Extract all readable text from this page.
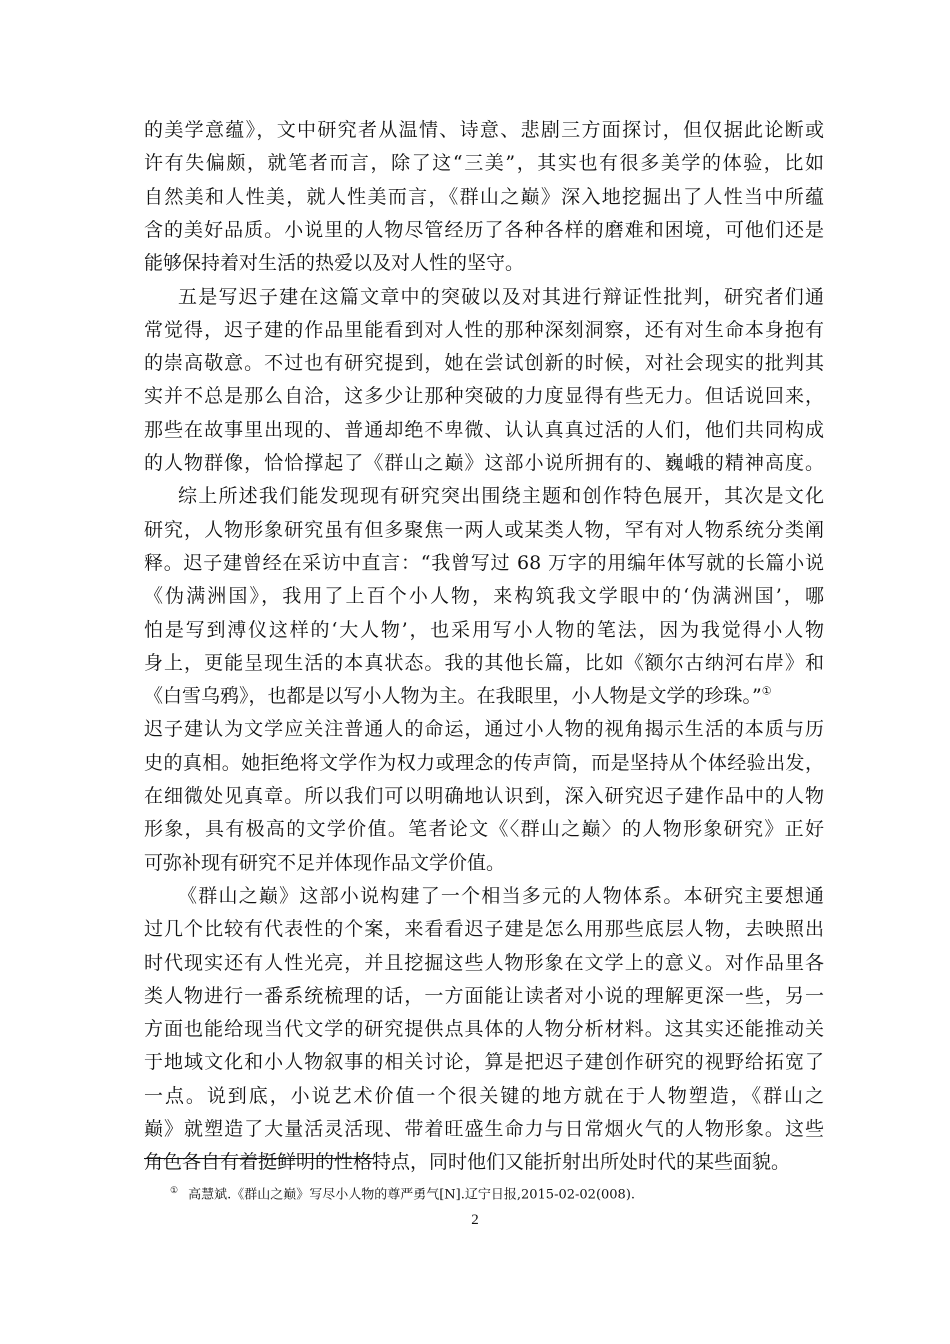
的美学意蕴》，文中研究者从温情、诗意、悲剧三方面探讨，但仅据此论断或
许有失偏颇，就笔者而言，除了这“三美”，其实也有很多美学的体验，比如
自然美和人性美，就人性美而言，《群山之巅》深入地挖掘出了人性当中所蕴
含的美好品质。小说里的人物尽管经历了各种各样的磨难和困境，可他们还是
能够保持着对生活的热爱以及对人性的坚守。
五是写迟子建在这篇文章中的突破以及对其进行辩证性批判，研究者们通
常觉得，迟子建的作品里能看到对人性的那种深刻洞察，还有对生命本身抱有
的崇高敬意。不过也有研究提到，她在尝试创新的时候，对社会现实的批判其
实并不总是那么自洽，这多少让那种突破的力度显得有些无力。但话说回来，
那些在故事里出现的、普通却绝不卑微、认认真真过活的人们，他们共同构成
的人物群像，恰恰撑起了《群山之巅》这部小说所拥有的、巍峨的精神高度。
综上所述我们能发现现有研究突出围绕主题和创作特色展开，其次是文化
研究，人物形象研究虽有但多聚焦一两人或某类人物，罕有对人物系统分类阐
释。迟子建曾经在采访中直言：“我曾写过 68 万字的用编年体写就的长篇小说
《伪满洲国》，我用了上百个小人物，来构筑我文学眼中的‘伪满洲国’，哪
怕是写到溥仪这样的‘大人物’，也采用写小人物的笔法，因为我觉得小人物
身上，更能呈现生活的本真状态。我的其他长篇，比如《额尔古纳河右岸》和
《白雪乌鸦》，也都是以写小人物为主。在我眼里，小人物是文学的珍珠。”①
迟子建认为文学应关注普通人的命运，通过小人物的视角揭示生活的本质与历
史的真相。她拒绝将文学作为权力或理念的传声筒，而是坚持从个体经验出发，
在细微处见真章。所以我们可以明确地认识到，深入研究迟子建作品中的人物
形象，具有极高的文学价值。笔者论文《〈群山之巅〉的人物形象研究》正好
可弥补现有研究不足并体现作品文学价值。
《群山之巅》这部小说构建了一个相当多元的人物体系。本研究主要想通
过几个比较有代表性的个案，来看看迟子建是怎么用那些底层人物，去映照出
时代现实还有人性光亮，并且挖掘这些人物形象在文学上的意义。对作品里各
类人物进行一番系统梳理的话，一方面能让读者对小说的理解更深一些，另一
方面也能给现当代文学的研究提供点具体的人物分析材料。这其实还能推动关
于地域文化和小人物叙事的相关讨论，算是把迟子建创作研究的视野给拓宽了
一点。说到底，小说艺术价值一个很关键的地方就在于人物塑造，《群山之
巅》就塑造了大量活灵活现、带着旺盛生命力与日常烟火气的人物形象。这些
角色各自有着挺鲜明的性格特点，同时他们又能折射出所处时代的某些面貌。
① 高慧斌.《群山之巅》写尽小人物的尊严勇气[N].辽宁日报,2015-02-02(008).
2
